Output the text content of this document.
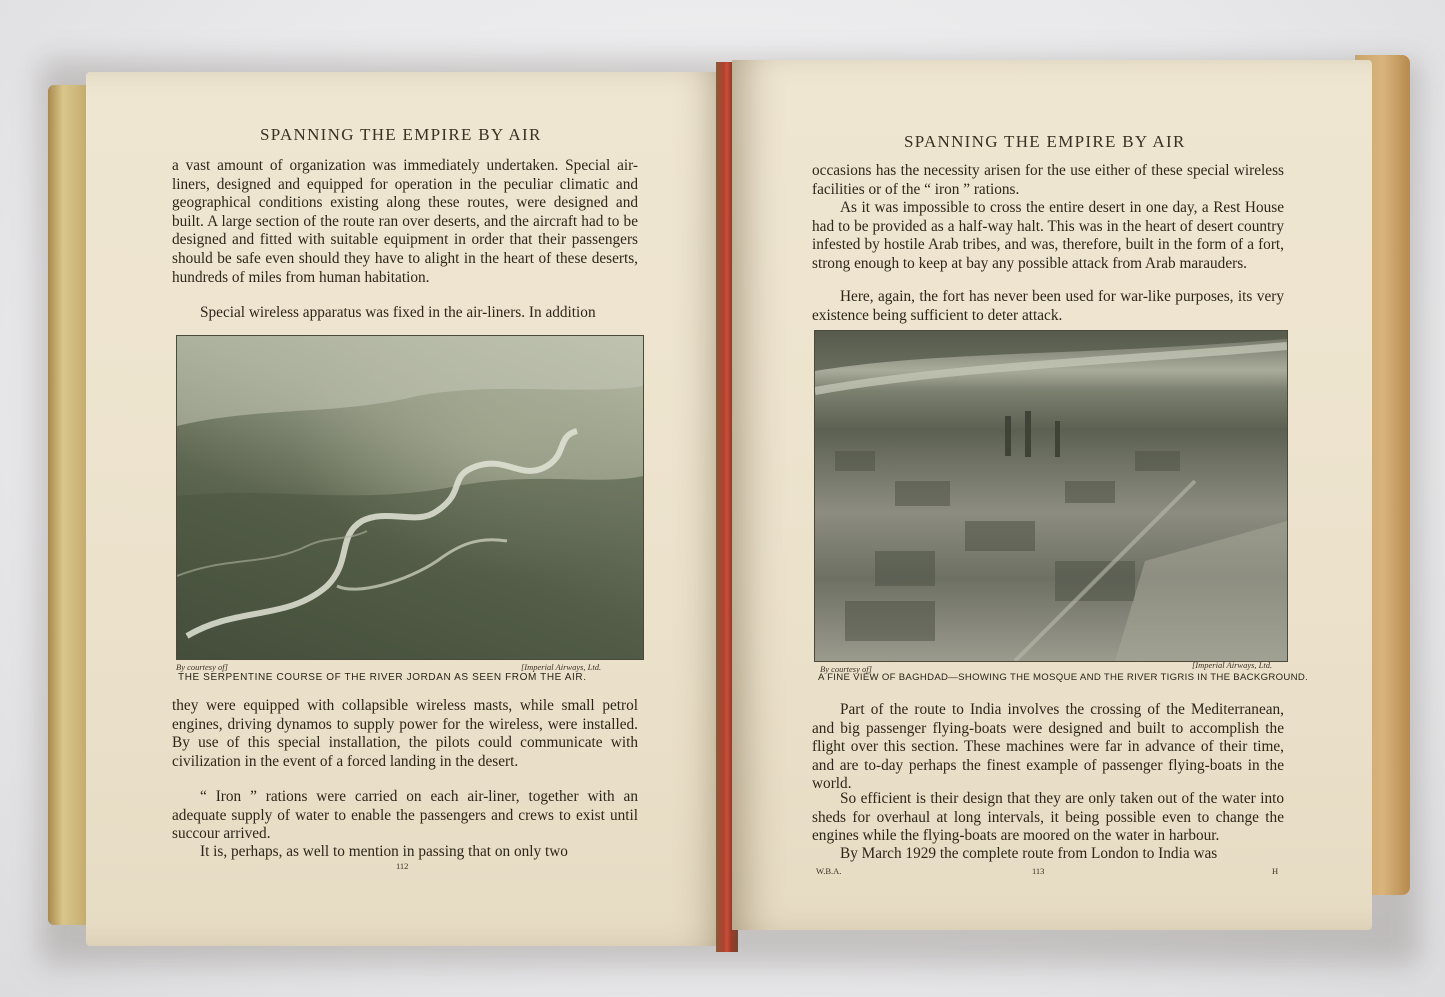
SPANNING THE EMPIRE BY AIR

a vast amount of organization was immediately undertaken. Special air-liners, designed and equipped for operation in the peculiar climatic and geographical conditions existing along these routes, were designed and built. A large section of the route ran over deserts, and the aircraft had to be designed and fitted with suitable equipment in order that their passengers should be safe even should they have to alight in the heart of these deserts, hundreds of miles from human habitation.

Special wireless apparatus was fixed in the air-liners. In addition

By courtesy of]	[Imperial Airways, Ltd.
THE SERPENTINE COURSE OF THE RIVER JORDAN AS SEEN FROM THE AIR.

they were equipped with collapsible wireless masts, while small petrol engines, driving dynamos to supply power for the wireless, were installed. By use of this special installation, the pilots could communicate with civilization in the event of a forced landing in the desert.

“ Iron ” rations were carried on each air-liner, together with an adequate supply of water to enable the passengers and crews to exist until succour arrived.

It is, perhaps, as well to mention in passing that on only two

112
SPANNING THE EMPIRE BY AIR

occasions has the necessity arisen for the use either of these special wireless facilities or of the “ iron ” rations.

As it was impossible to cross the entire desert in one day, a Rest House had to be provided as a half-way halt. This was in the heart of desert country infested by hostile Arab tribes, and was, therefore, built in the form of a fort, strong enough to keep at bay any possible attack from Arab marauders.

Here, again, the fort has never been used for war-like purposes, its very existence being sufficient to deter attack.

By courtesy of]	[Imperial Airways, Ltd.
A FINE VIEW OF BAGHDAD—SHOWING THE MOSQUE AND THE RIVER TIGRIS IN THE BACKGROUND.

Part of the route to India involves the crossing of the Mediterranean, and big passenger flying-boats were designed and built to accomplish the flight over this section. These machines were far in advance of their time, and are to-day perhaps the finest example of passenger flying-boats in the world.

So efficient is their design that they are only taken out of the water into sheds for overhaul at long intervals, it being possible even to change the engines while the flying-boats are moored on the water in harbour.

By March 1929 the complete route from London to India was

W.B.A.	113	H
